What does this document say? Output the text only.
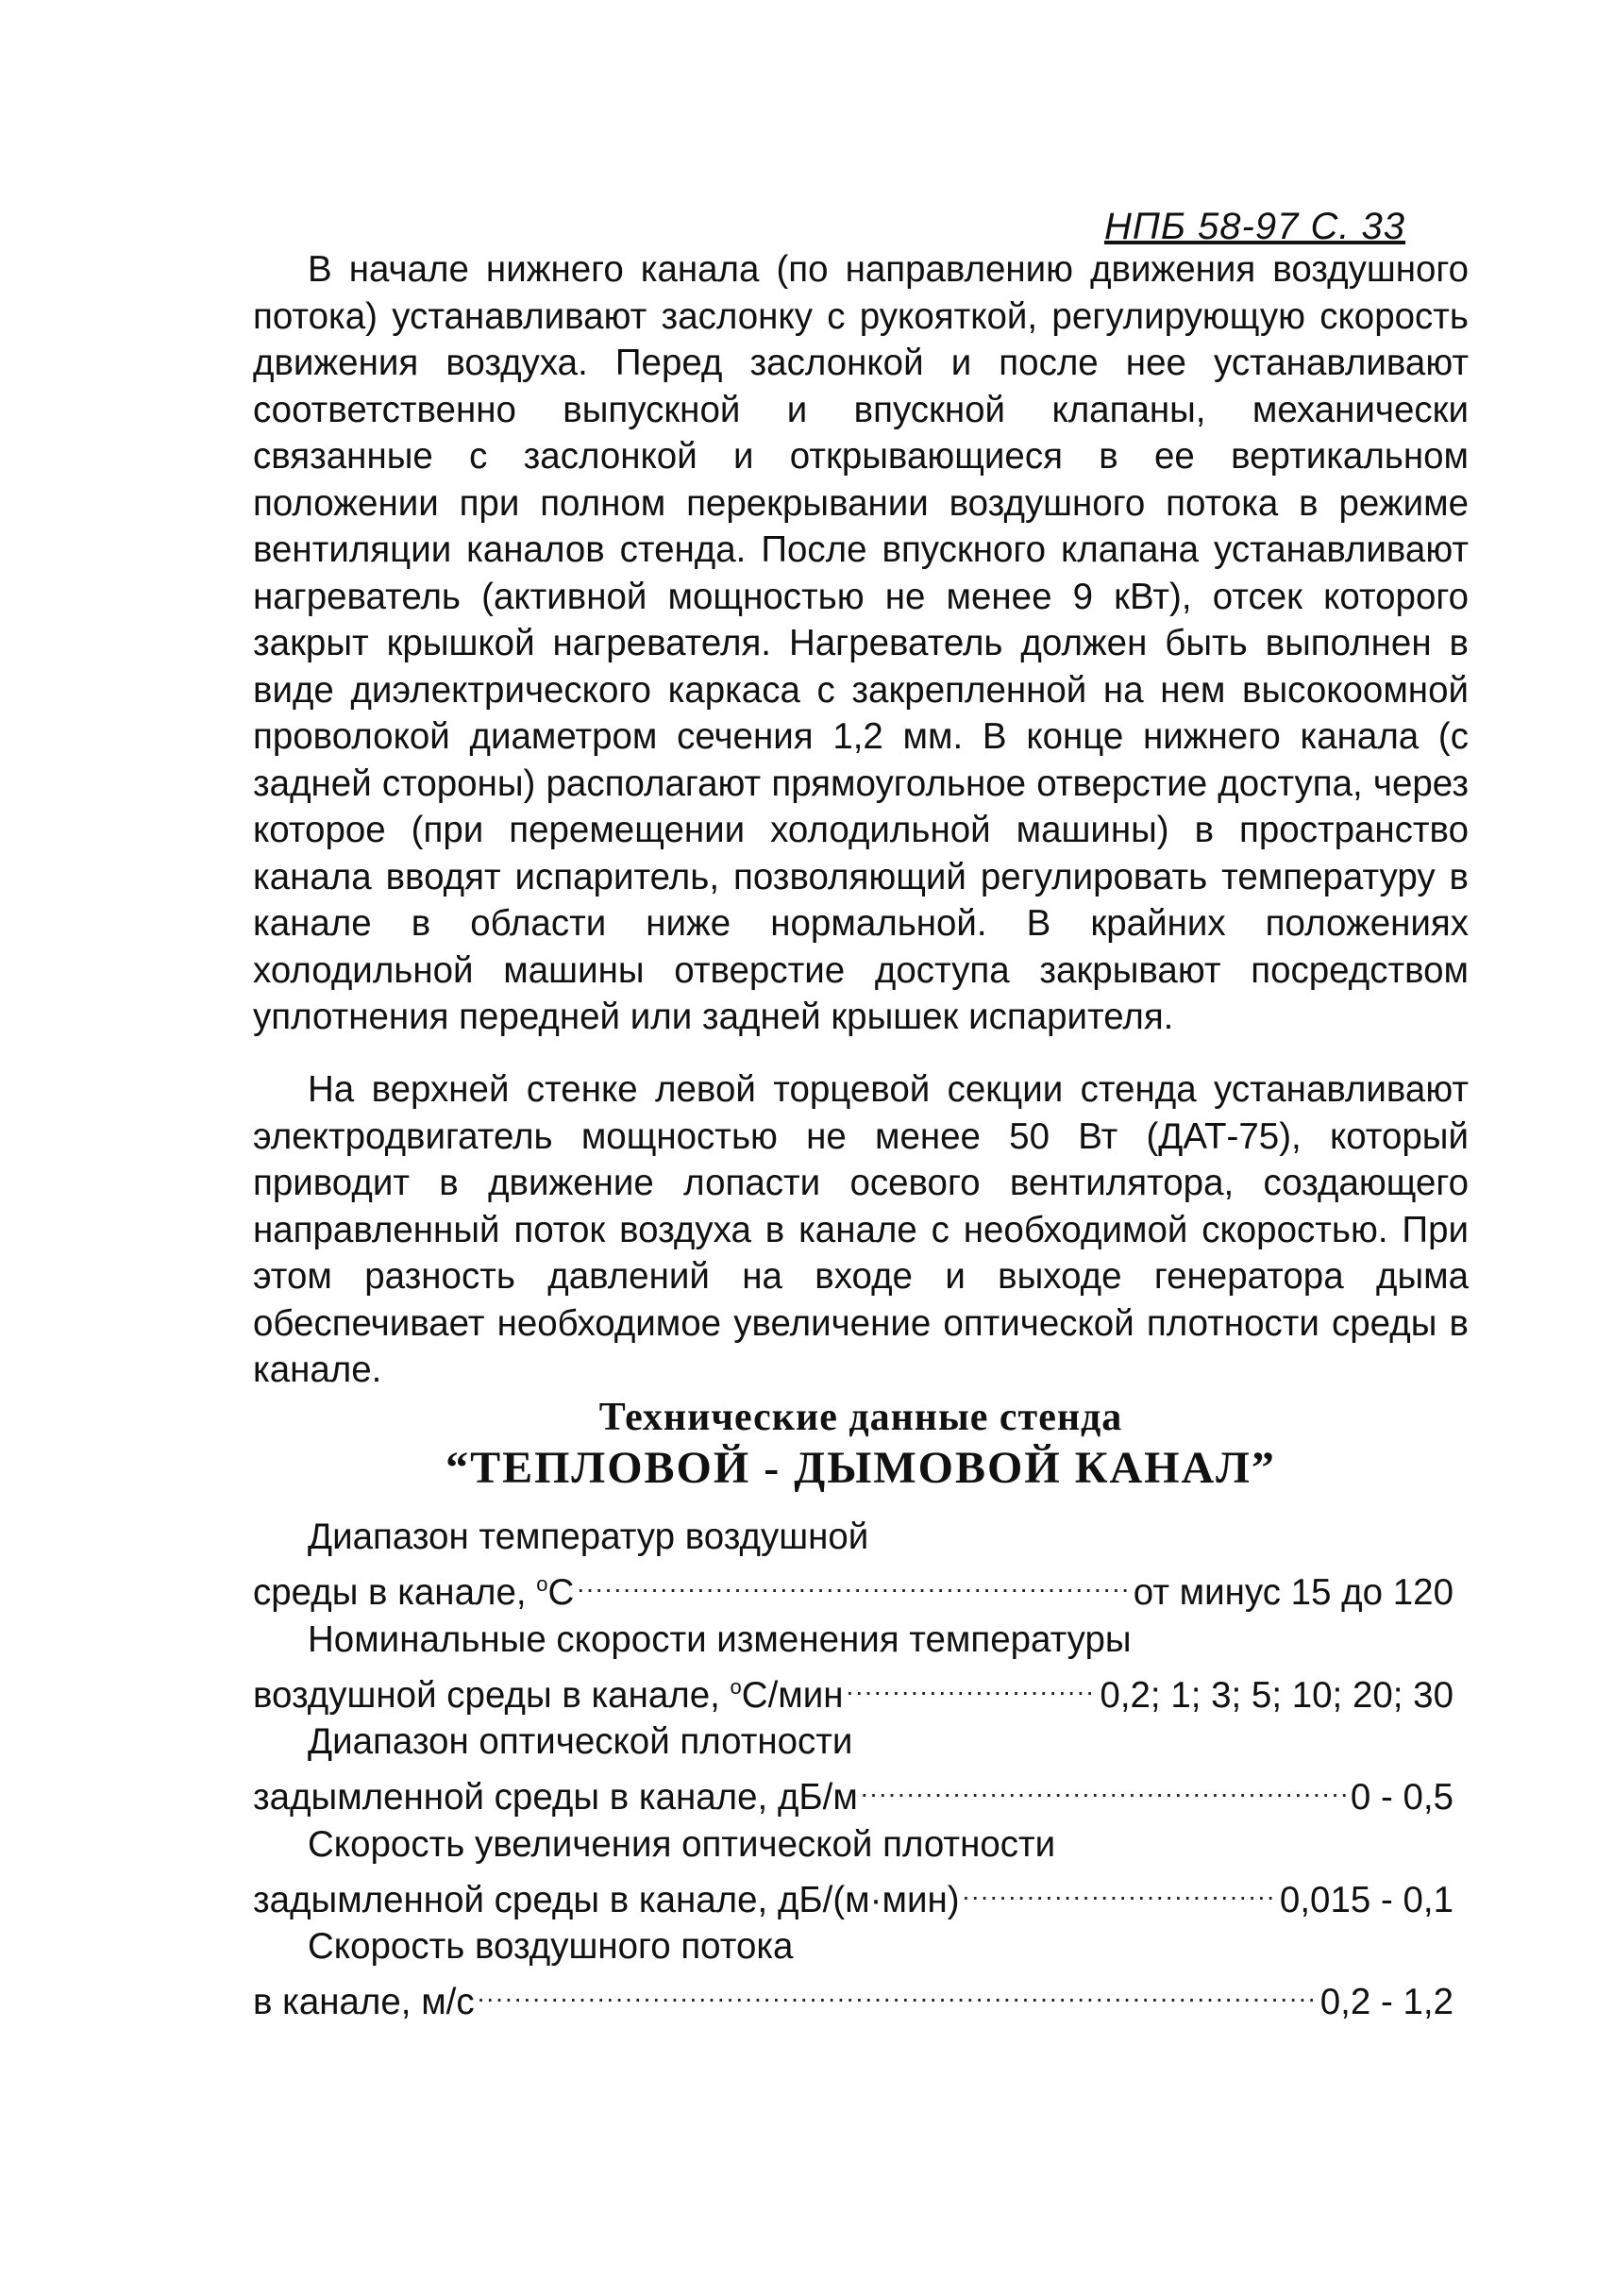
НПБ 58-97 С. 33

В начале нижнего канала (по направлению движения воздушного потока) устанавливают заслонку с рукояткой, регулирующую скорость движения воздуха. Перед заслонкой и после нее устанавливают соответственно выпускной и впускной клапаны, механически связанные с заслонкой и открывающиеся в ее вертикальном положении при полном перекрывании воздушного потока в режиме вентиляции каналов стенда. После впускного клапана устанавливают нагреватель (активной мощностью не менее 9 кВт), отсек которого закрыт крышкой нагревателя. Нагреватель должен быть выполнен в виде диэлектрического каркаса с закрепленной на нем высокоомной проволокой диаметром сечения 1,2 мм. В конце нижнего канала (с задней стороны) располагают прямоугольное отверстие доступа, через которое (при перемещении холодильной машины) в пространство канала вводят испаритель, позволяющий регулировать температуру в канале в области ниже нормальной. В крайних положениях холодильной машины отверстие доступа закрывают посредством уплотнения передней или задней крышек испарителя.

На верхней стенке левой торцевой секции стенда устанавливают электродвигатель мощностью не менее 50 Вт (ДАТ-75), который приводит в движение лопасти осевого вентилятора, создающего направленный поток воздуха в канале с необходимой скоростью. При этом разность давлений на входе и выходе генератора дыма обеспечивает необходимое увеличение оптической плотности среды в канале.

Технические данные стенда
“ТЕПЛОВОЙ - ДЫМОВОЙ КАНАЛ”
Диапазон температур воздушной
среды в канале, $^o$С .....	от минус 15 до 120
Номинальные скорости изменения температуры
воздушной среды в канале, $^o$С/мин .....	0,2; 1; 3; 5; 10; 20; 30
Диапазон оптической плотности
задымленной среды в канале, дБ/м .....	0 - 0,5
Скорость увеличения оптической плотности
задымленной среды в канале, дБ/(м·мин) .....	0,015 - 0,1
Скорость воздушного потока
в канале, м/с .....	0,2 - 1,2
